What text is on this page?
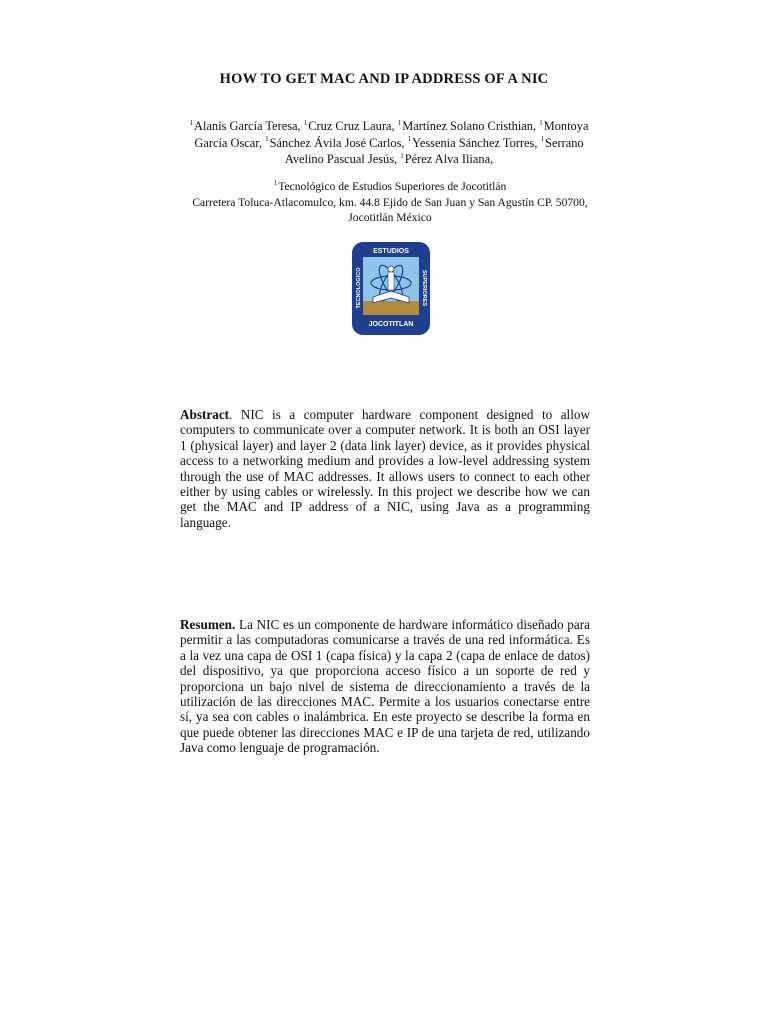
HOW TO GET MAC AND IP ADDRESS OF A NIC
$^1$Alanís García Teresa, $^1$Cruz Cruz Laura, $^1$Martínez Solano Cristhian, $^1$Montoya García Oscar, $^1$Sánchez Ávila José Carlos, $^1$Yessenia Sánchez Torres, $^1$Serrano Avelino Pascual Jesús, $^1$Pérez Alva Iliana,
$^1$Tecnológico de Estudios Superiores de Jocotitlán
Carretera Toluca-Atlacomulco, km. 44.8 Ejido de San Juan y San Agustín CP. 50700, Jocotitlán México
ESTUDIOS
JOCOTITLAN
TECNOLOGICO	SUPERIORES
Abstract. NIC is a computer hardware component designed to allow computers to communicate over a computer network. It is both an OSI layer 1 (physical layer) and layer 2 (data link layer) device, as it provides physical access to a networking medium and provides a low-level addressing system through the use of MAC addresses. It allows users to connect to each other either by using cables or wirelessly. In this project we describe how we can get the MAC and IP address of a NIC, using Java as a programming language.
Resumen. La NIC es un componente de hardware informático diseñado para permitir a las computadoras comunicarse a través de una red informática. Es a la vez una capa de OSI 1 (capa física) y la capa 2 (capa de enlace de datos) del dispositivo, ya que proporciona acceso físico a un soporte de red y proporciona un bajo nivel de sistema de direccionamiento a través de la utilización de las direcciones MAC. Permite a los usuarios conectarse entre sí, ya sea con cables o inalámbrica. En este proyecto se describe la forma en que puede obtener las direcciones MAC e IP de una tarjeta de red, utilizando Java como lenguaje de programación.
